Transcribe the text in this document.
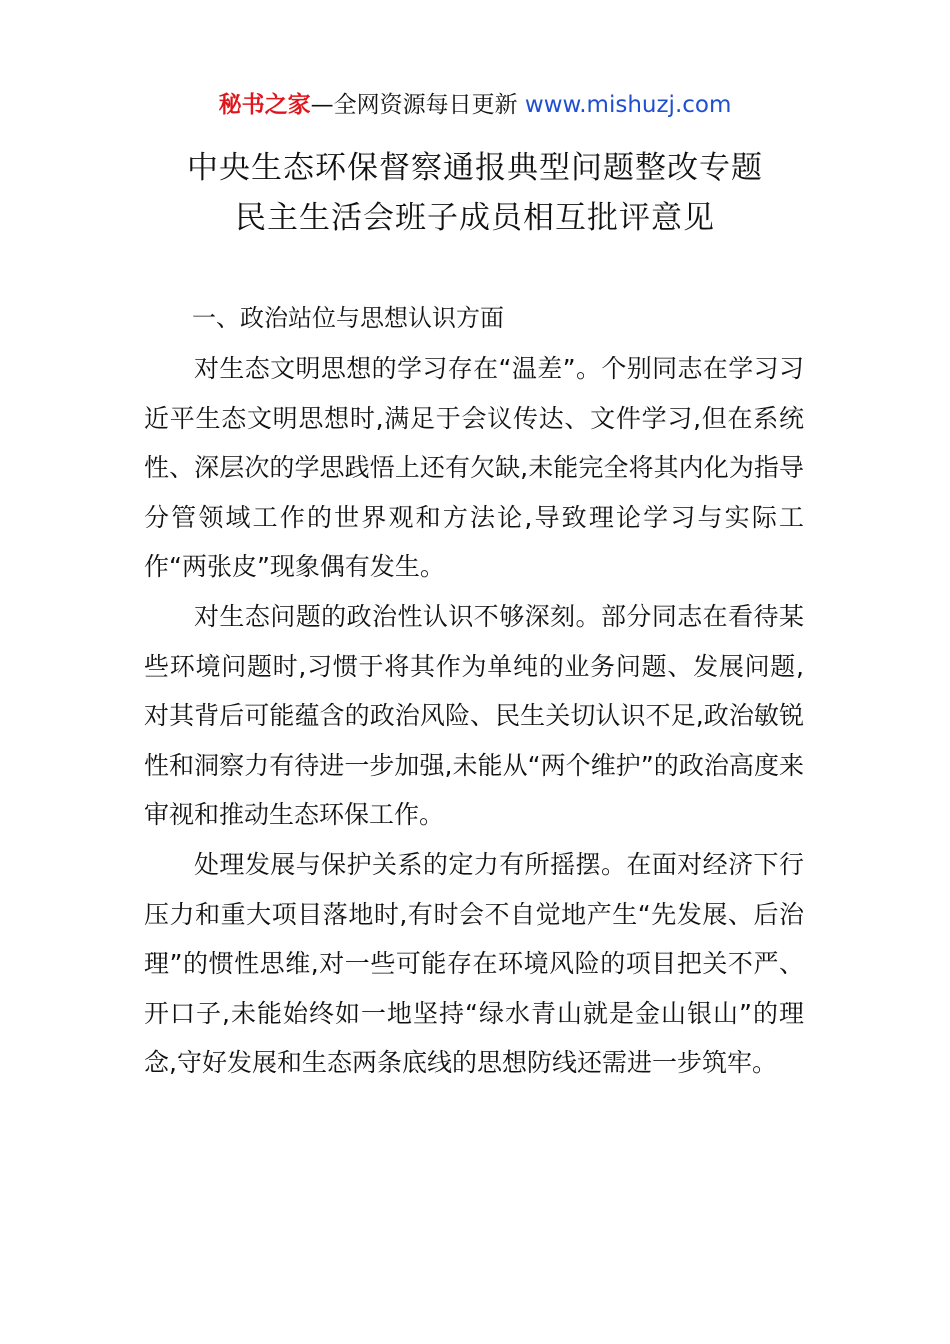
秘书之家—全网资源每日更新 www.mishuzj.com
中央生态环保督察通报典型问题整改专题
民主生活会班子成员相互批评意见
一、政治站位与思想认识方面

对生态文明思想的学习存在“温差”。个别同志在学习习近平生态文明思想时,满足于会议传达、文件学习,但在系统性、深层次的学思践悟上还有欠缺,未能完全将其内化为指导分管领域工作的世界观和方法论,导致理论学习与实际工作“两张皮”现象偶有发生。

对生态问题的政治性认识不够深刻。部分同志在看待某些环境问题时,习惯于将其作为单纯的业务问题、发展问题,对其背后可能蕴含的政治风险、民生关切认识不足,政治敏锐性和洞察力有待进一步加强,未能从“两个维护”的政治高度来审视和推动生态环保工作。

处理发展与保护关系的定力有所摇摆。在面对经济下行压力和重大项目落地时,有时会不自觉地产生“先发展、后治理”的惯性思维,对一些可能存在环境风险的项目把关不严、开口子,未能始终如一地坚持“绿水青山就是金山银山”的理念,守好发展和生态两条底线的思想防线还需进一步筑牢。
